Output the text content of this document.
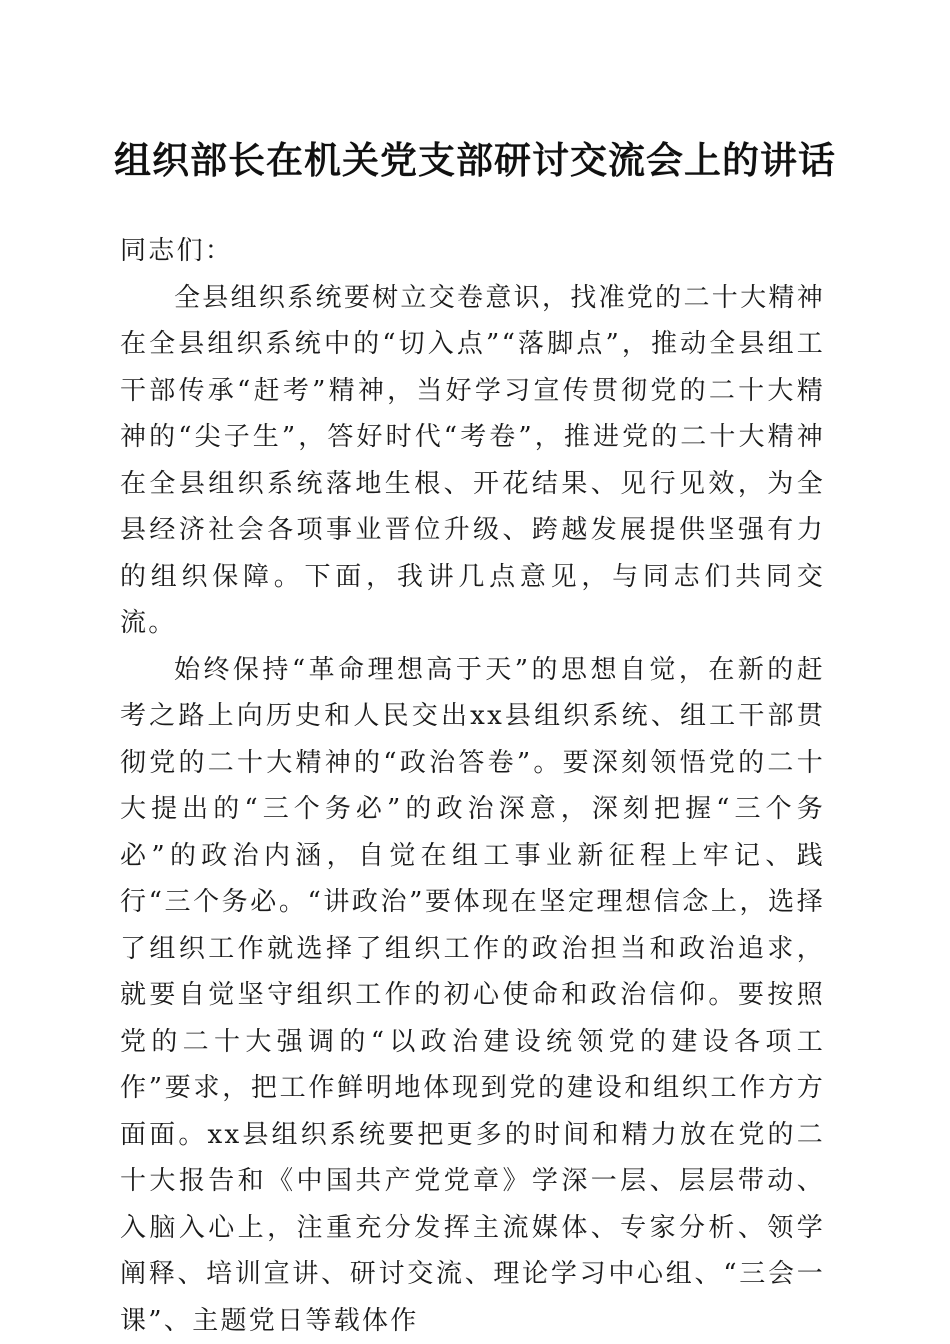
组织部长在机关党支部研讨交流会上的讲话

同志们：

全县组织系统要树立交卷意识，找准党的二十大精神在全县组织系统中的“切入点”“落脚点”，推动全县组工干部传承“赶考”精神，当好学习宣传贯彻党的二十大精神的“尖子生”，答好时代“考卷”，推进党的二十大精神在全县组织系统落地生根、开花结果、见行见效，为全县经济社会各项事业晋位升级、跨越发展提供坚强有力的组织保障。下面，我讲几点意见，与同志们共同交流。

始终保持“革命理想高于天”的思想自觉，在新的赶考之路上向历史和人民交出xx县组织系统、组工干部贯彻党的二十大精神的“政治答卷”。要深刻领悟党的二十大提出的“三个务必”的政治深意，深刻把握“三个务必”的政治内涵，自觉在组工事业新征程上牢记、践行“三个务必。“讲政治”要体现在坚定理想信念上，选择了组织工作就选择了组织工作的政治担当和政治追求，就要自觉坚守组织工作的初心使命和政治信仰。要按照党的二十大强调的“以政治建设统领党的建设各项工作”要求，把工作鲜明地体现到党的建设和组织工作方方面面。xx县组织系统要把更多的时间和精力放在党的二十大报告和《中国共产党党章》学深一层、层层带动、入脑入心上，注重充分发挥主流媒体、专家分析、领学阐释、培训宣讲、研讨交流、理论学习中心组、“三会一课”、主题党日等载体作
